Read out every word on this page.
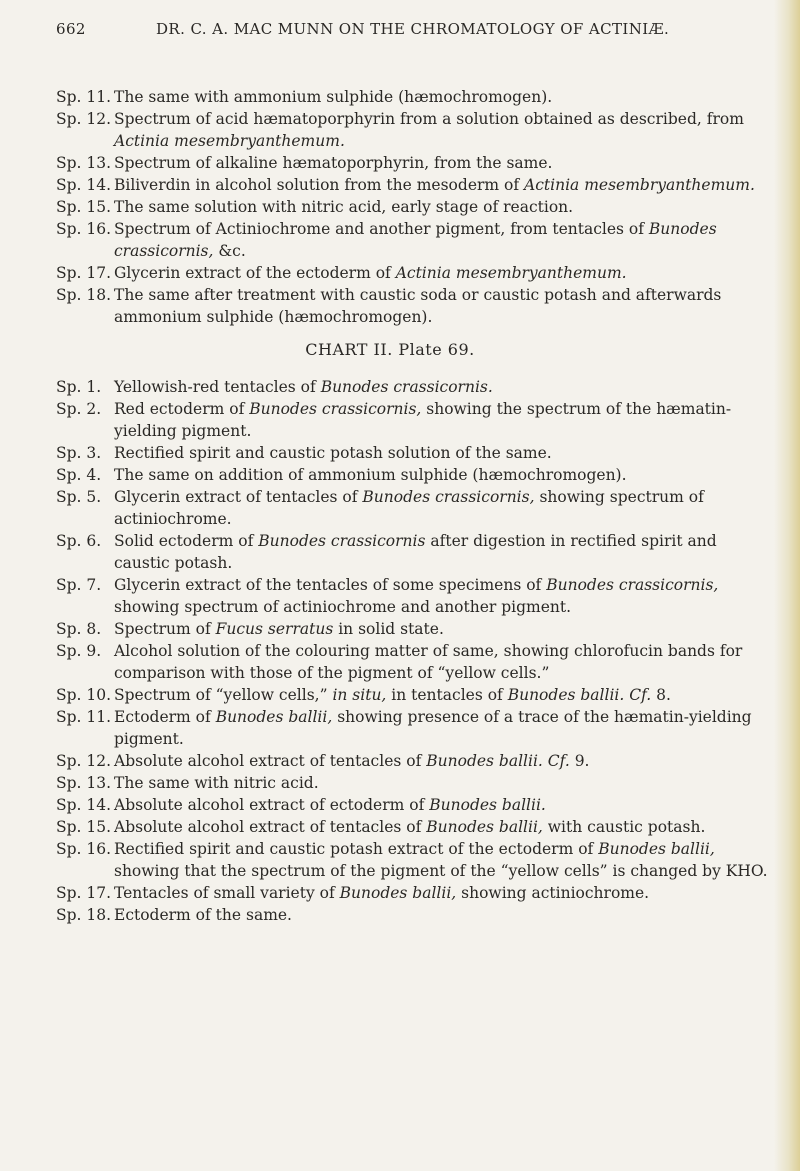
662	DR. C. A. MAC MUNN ON THE CHROMATOLOGY OF ACTINIÆ.
Sp. 11. The same with ammonium sulphide (hæmochromogen).
Sp. 12. Spectrum of acid hæmatoporphyrin from a solution obtained as described, from Actinia mesembryanthemum.
Sp. 13. Spectrum of alkaline hæmatoporphyrin, from the same.
Sp. 14. Biliverdin in alcohol solution from the mesoderm of Actinia mesembryanthemum.
Sp. 15. The same solution with nitric acid, early stage of reaction.
Sp. 16. Spectrum of Actiniochrome and another pigment, from tentacles of Bunodes crassicornis, &c.
Sp. 17. Glycerin extract of the ectoderm of Actinia mesembryanthemum.
Sp. 18. The same after treatment with caustic soda or caustic potash and afterwards ammonium sulphide (hæmochromogen).
CHART II. Plate 69.
Sp. 1. Yellowish-red tentacles of Bunodes crassicornis.
Sp. 2. Red ectoderm of Bunodes crassicornis, showing the spectrum of the hæmatin-yielding pigment.
Sp. 3. Rectified spirit and caustic potash solution of the same.
Sp. 4. The same on addition of ammonium sulphide (hæmochromogen).
Sp. 5. Glycerin extract of tentacles of Bunodes crassicornis, showing spectrum of actiniochrome.
Sp. 6. Solid ectoderm of Bunodes crassicornis after digestion in rectified spirit and caustic potash.
Sp. 7. Glycerin extract of the tentacles of some specimens of Bunodes crassicornis, showing spectrum of actiniochrome and another pigment.
Sp. 8. Spectrum of Fucus serratus in solid state.
Sp. 9. Alcohol solution of the colouring matter of same, showing chlorofucin bands for comparison with those of the pigment of “yellow cells.”
Sp. 10. Spectrum of “yellow cells,” in situ, in tentacles of Bunodes ballii. Cf. 8.
Sp. 11. Ectoderm of Bunodes ballii, showing presence of a trace of the hæmatin-yielding pigment.
Sp. 12. Absolute alcohol extract of tentacles of Bunodes ballii. Cf. 9.
Sp. 13. The same with nitric acid.
Sp. 14. Absolute alcohol extract of ectoderm of Bunodes ballii.
Sp. 15. Absolute alcohol extract of tentacles of Bunodes ballii, with caustic potash.
Sp. 16. Rectified spirit and caustic potash extract of the ectoderm of Bunodes ballii, showing that the spectrum of the pigment of the “yellow cells” is changed by KHO.
Sp. 17. Tentacles of small variety of Bunodes ballii, showing actiniochrome.
Sp. 18. Ectoderm of the same.
